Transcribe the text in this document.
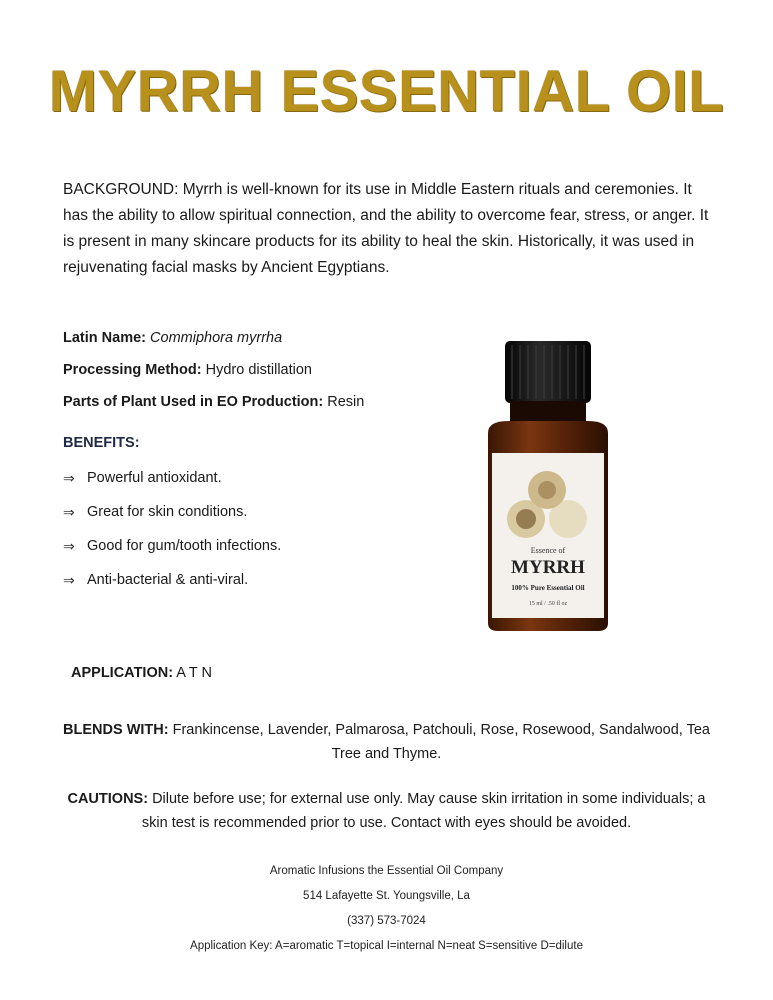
MYRRH ESSENTIAL OIL
BACKGROUND: Myrrh is well-known for its use in Middle Eastern rituals and ceremonies. It has the ability to allow spiritual connection, and the ability to overcome fear, stress, or anger. It is present in many skincare products for its ability to heal the skin. Historically, it was used in rejuvenating facial masks by Ancient Egyptians.
Latin Name: Commiphora myrrha
Processing Method: Hydro distillation
Parts of Plant Used in EO Production: Resin
BENEFITS:
⇒ Powerful antioxidant.
⇒ Great for skin conditions.
⇒ Good for gum/tooth infections.
⇒ Anti-bacterial & anti-viral.
Essence of
MYRRH
100% Pure Essential Oil
15 ml / .50 fl oz
APPLICATION: A T N
BLENDS WITH: Frankincense, Lavender, Palmarosa, Patchouli, Rose, Rosewood, Sandalwood, Tea Tree and Thyme.
CAUTIONS: Dilute before use; for external use only. May cause skin irritation in some individuals; a skin test is recommended prior to use. Contact with eyes should be avoided.
Aromatic Infusions the Essential Oil Company
514 Lafayette St. Youngsville, La
(337) 573-7024
Application Key: A=aromatic T=topical I=internal N=neat S=sensitive D=dilute
